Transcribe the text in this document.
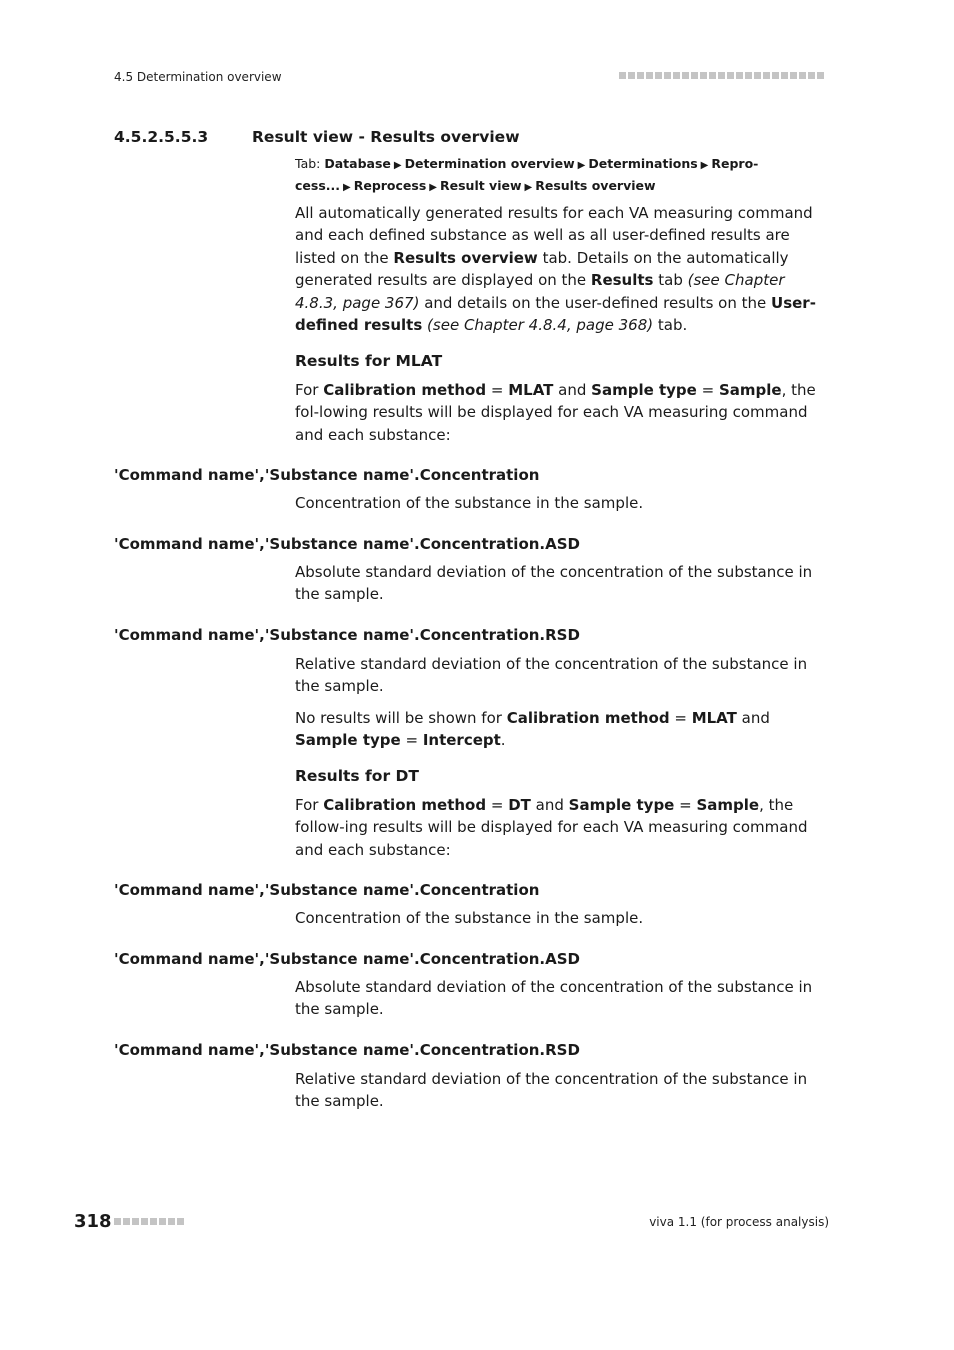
4.5 Determination overview
4.5.2.5.5.3	Result view - Results overview
Tab: Database ▶ Determination overview ▶ Determinations ▶ Repro-
cess... ▶ Reprocess ▶ Result view ▶ Results overview
All automatically generated results for each VA measuring command and each defined substance as well as all user-defined results are listed on the Results overview tab. Details on the automatically generated results are displayed on the Results tab (see Chapter 4.8.3, page 367) and details on the user-defined results on the User-defined results (see Chapter 4.8.4, page 368) tab.
Results for MLAT
For Calibration method = MLAT and Sample type = Sample, the fol-lowing results will be displayed for each VA measuring command and each substance:
'Command name','Substance name'.Concentration
Concentration of the substance in the sample.
'Command name','Substance name'.Concentration.ASD
Absolute standard deviation of the concentration of the substance in the sample.
'Command name','Substance name'.Concentration.RSD
Relative standard deviation of the concentration of the substance in the sample.
No results will be shown for Calibration method = MLAT and Sample type = Intercept.
Results for DT
For Calibration method = DT and Sample type = Sample, the follow-ing results will be displayed for each VA measuring command and each substance:
'Command name','Substance name'.Concentration
Concentration of the substance in the sample.
'Command name','Substance name'.Concentration.ASD
Absolute standard deviation of the concentration of the substance in the sample.
'Command name','Substance name'.Concentration.RSD
Relative standard deviation of the concentration of the substance in the sample.
318	viva 1.1 (for process analysis)
